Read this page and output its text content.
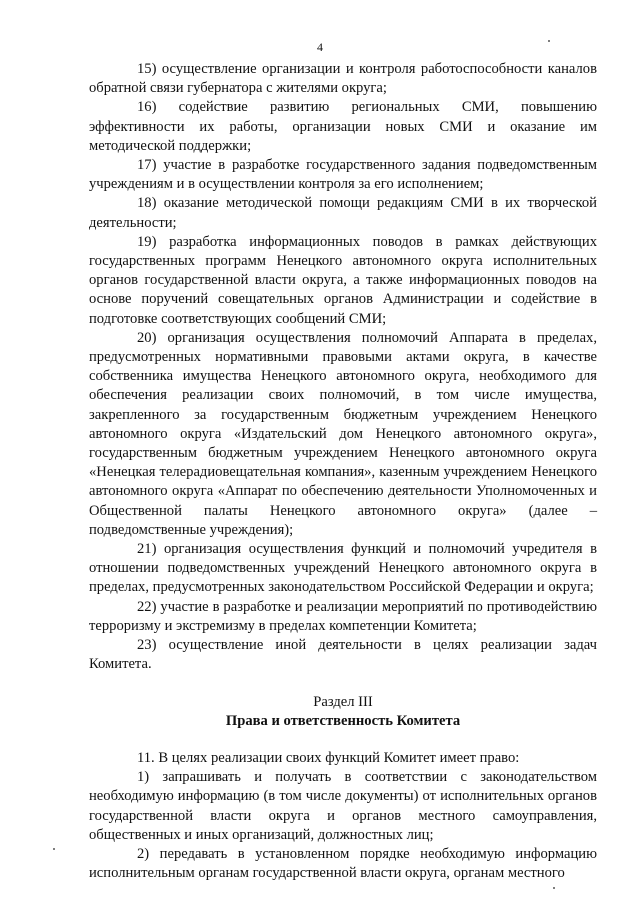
4

15) осуществление организации и контроля работоспособности каналов обратной связи губернатора с жителями округа;

16) содействие развитию региональных СМИ, повышению эффективности их работы, организации новых СМИ и оказание им методической поддержки;

17) участие в разработке государственного задания подведомственным учреждениям и в осуществлении контроля за его исполнением;

18) оказание методической помощи редакциям СМИ в их творческой деятельности;

19) разработка информационных поводов в рамках действующих государственных программ Ненецкого автономного округа исполнительных органов государственной власти округа, а также информационных поводов на основе поручений совещательных органов Администрации и содействие в подготовке соответствующих сообщений СМИ;

20) организация осуществления полномочий Аппарата в пределах, предусмотренных нормативными правовыми актами округа, в качестве собственника имущества Ненецкого автономного округа, необходимого для обеспечения реализации своих полномочий, в том числе имущества, закрепленного за государственным бюджетным учреждением Ненецкого автономного округа «Издательский дом Ненецкого автономного округа», государственным бюджетным учреждением Ненецкого автономного округа «Ненецкая телерадиовещательная компания», казенным учреждением Ненецкого автономного округа «Аппарат по обеспечению деятельности Уполномоченных и Общественной палаты Ненецкого автономного округа» (далее – подведомственные учреждения);

21) организация осуществления функций и полномочий учредителя в отношении подведомственных учреждений Ненецкого автономного округа в пределах, предусмотренных законодательством Российской Федерации и округа;

22) участие в разработке и реализации мероприятий по противодействию терроризму и экстремизму в пределах компетенции Комитета;

23) осуществление иной деятельности в целях реализации задач Комитета.

Раздел III

Права и ответственность Комитета

11. В целях реализации своих функций Комитет имеет право:

1) запрашивать и получать в соответствии с законодательством необходимую информацию (в том числе документы) от исполнительных органов государственной власти округа и органов местного самоуправления, общественных и иных организаций, должностных лиц;

2) передавать в установленном порядке необходимую информацию исполнительным органам государственной власти округа, органам местного
